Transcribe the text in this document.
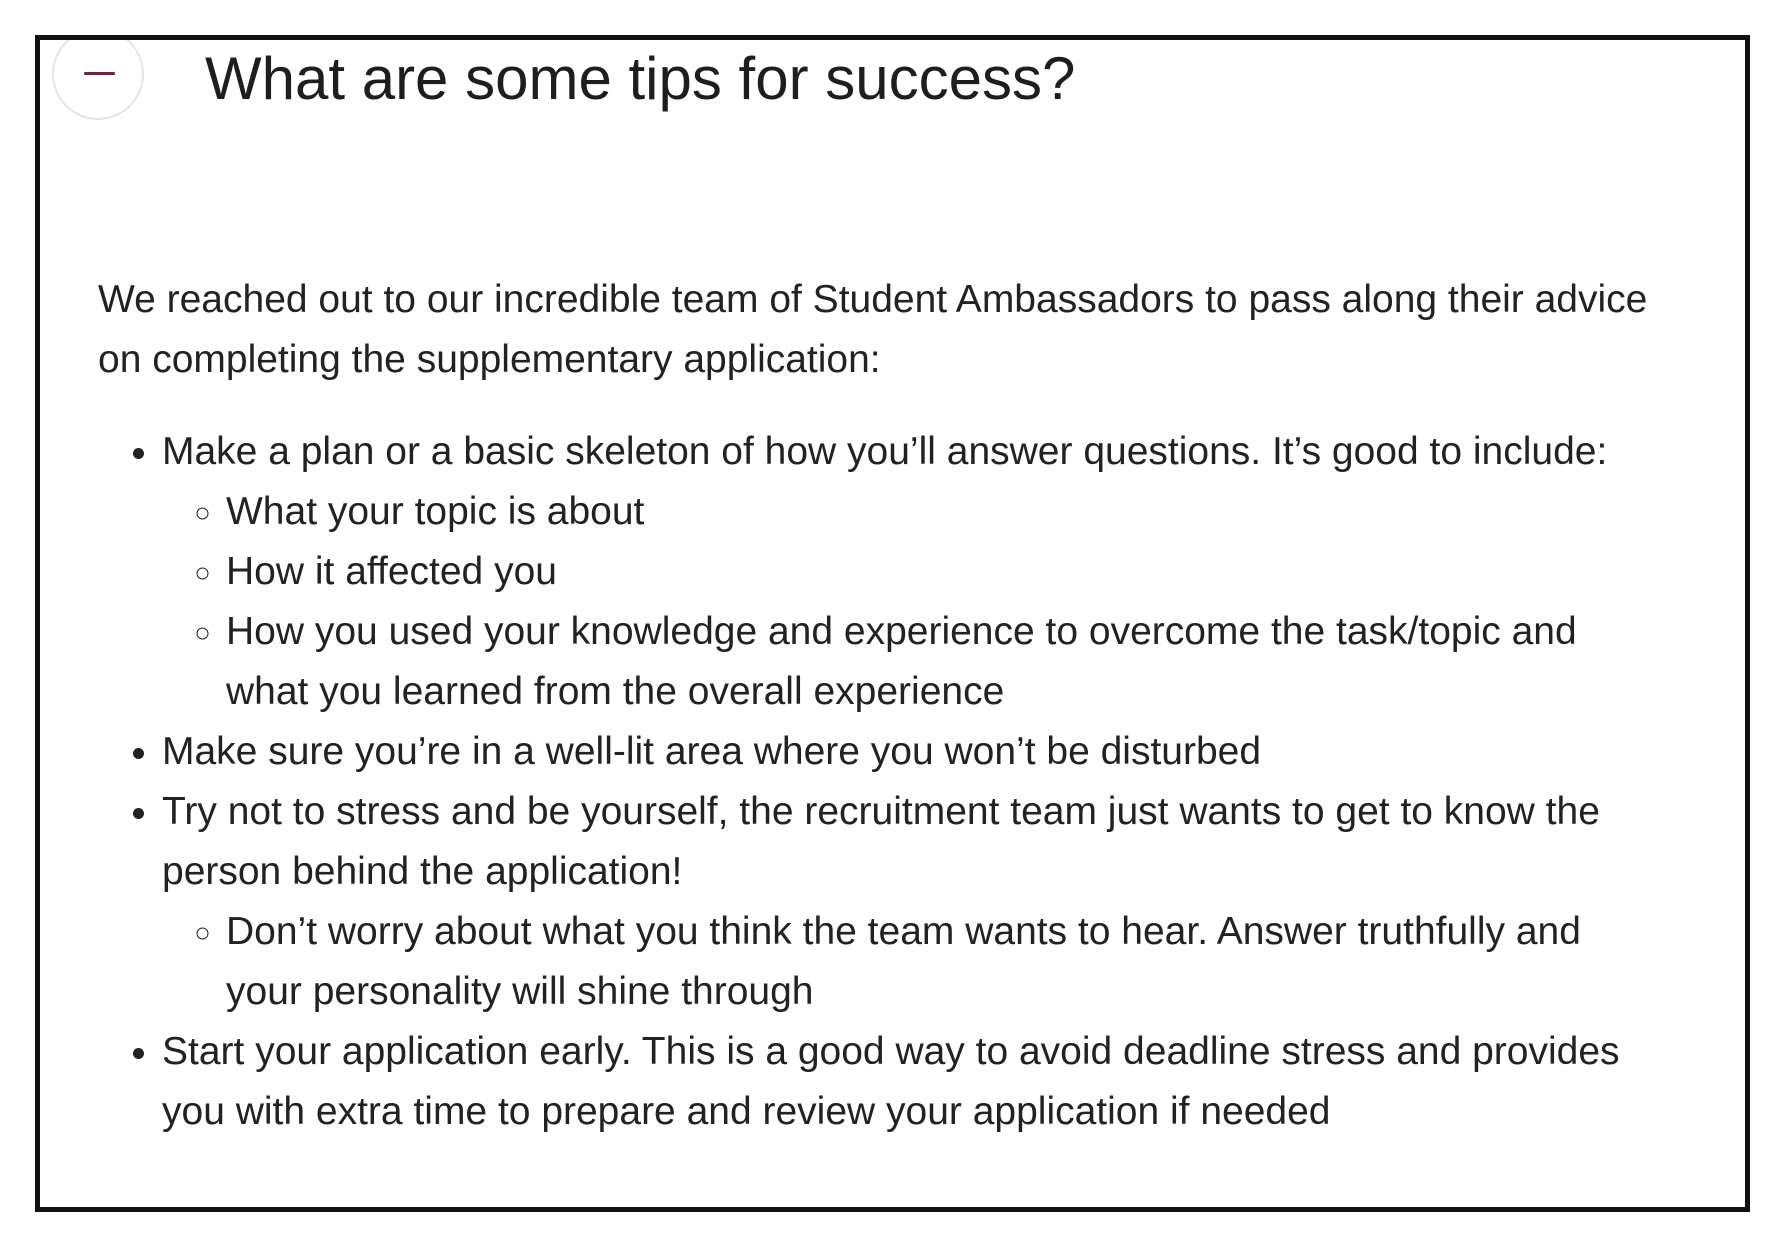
What are some tips for success?

We reached out to our incredible team of Student Ambassadors to pass along their advice on completing the supplementary application:

• Make a plan or a basic skeleton of how you’ll answer questions. It’s good to include:
◦ What your topic is about
◦ How it affected you
◦ How you used your knowledge and experience to overcome the task/topic and what you learned from the overall experience
• Make sure you’re in a well-lit area where you won’t be disturbed
• Try not to stress and be yourself, the recruitment team just wants to get to know the person behind the application!
◦ Don’t worry about what you think the team wants to hear. Answer truthfully and your personality will shine through
• Start your application early. This is a good way to avoid deadline stress and provides you with extra time to prepare and review your application if needed
